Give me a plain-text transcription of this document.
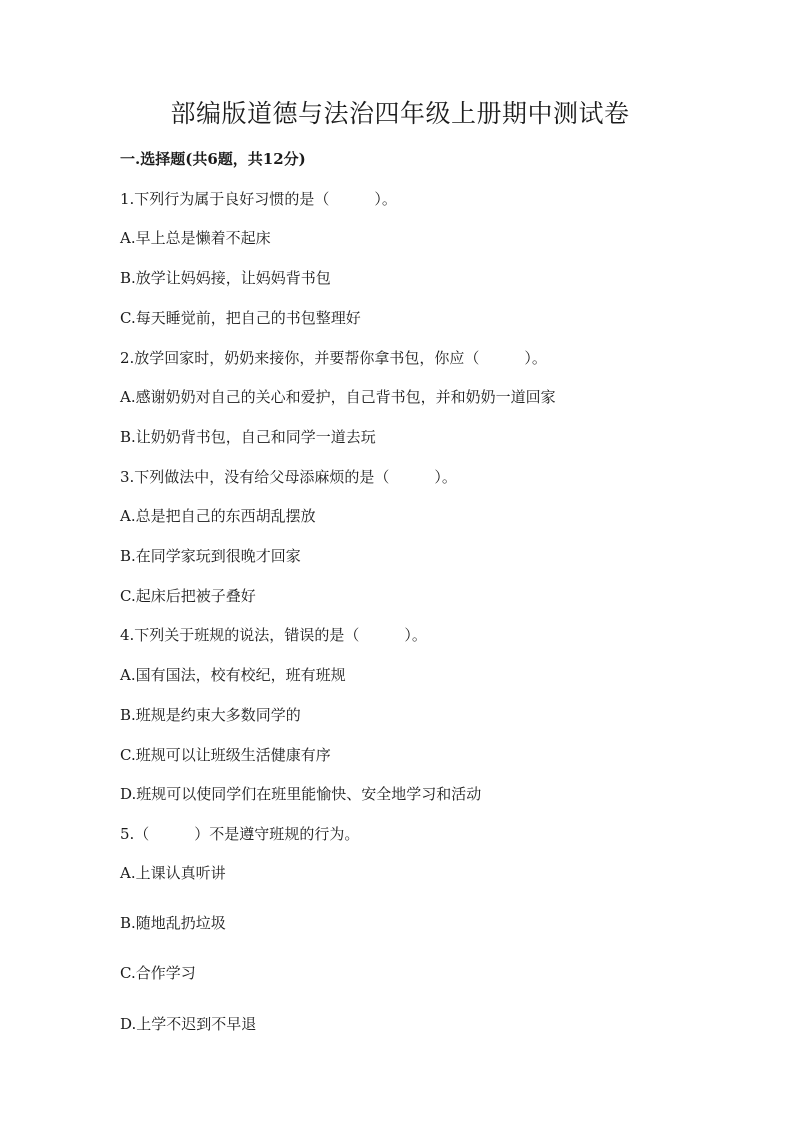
部编版道德与法治四年级上册期中测试卷

一.选择题(共6题，共12分)

1.下列行为属于良好习惯的是（　　　）。

A.早上总是懒着不起床

B.放学让妈妈接，让妈妈背书包

C.每天睡觉前，把自己的书包整理好

2.放学回家时，奶奶来接你，并要帮你拿书包，你应（　　　）。

A.感谢奶奶对自己的关心和爱护，自己背书包，并和奶奶一道回家

B.让奶奶背书包，自己和同学一道去玩

3.下列做法中，没有给父母添麻烦的是（　　　）。

A.总是把自己的东西胡乱摆放

B.在同学家玩到很晚才回家

C.起床后把被子叠好

4.下列关于班规的说法，错误的是（　　　）。

A.国有国法，校有校纪，班有班规

B.班规是约束大多数同学的

C.班规可以让班级生活健康有序

D.班规可以使同学们在班里能愉快、安全地学习和活动

5.（　　　）不是遵守班规的行为。

A.上课认真听讲

B.随地乱扔垃圾

C.合作学习

D.上学不迟到不早退
